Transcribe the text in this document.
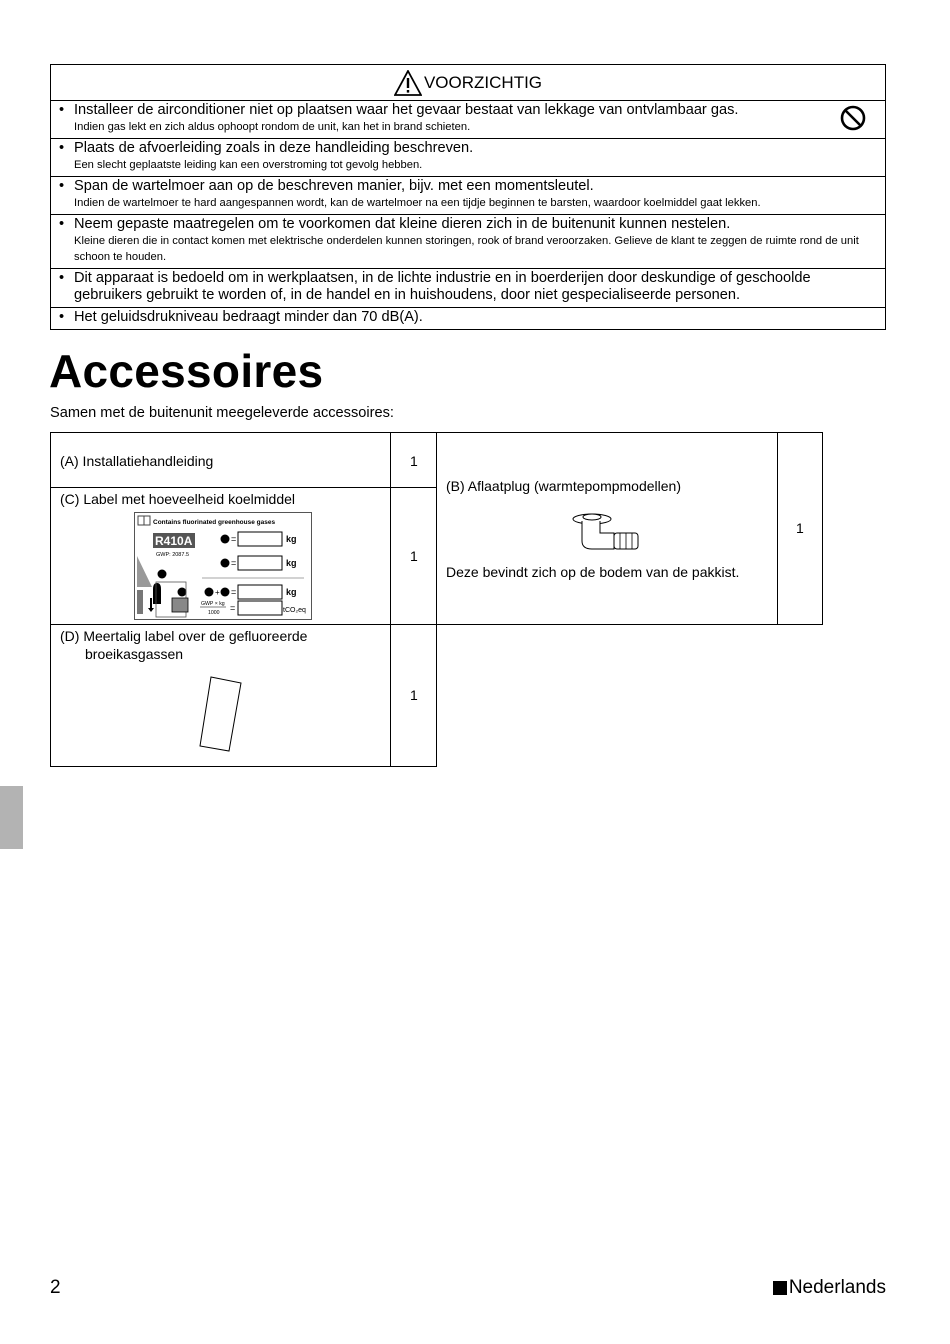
VOORZICHTIG
• Installeer de airconditioner niet op plaatsen waar het gevaar bestaat van lekkage van ontvlambaar gas.
Indien gas lekt en zich aldus ophoopt rondom de unit, kan het in brand schieten.
• Plaats de afvoerleiding zoals in deze handleiding beschreven.
Een slecht geplaatste leiding kan een overstroming tot gevolg hebben.
• Span de wartelmoer aan op de beschreven manier, bijv. met een momentsleutel.
Indien de wartelmoer te hard aangespannen wordt, kan de wartelmoer na een tijdje beginnen te barsten, waardoor koelmiddel gaat lekken.
• Neem gepaste maatregelen om te voorkomen dat kleine dieren zich in de buitenunit kunnen nestelen.
Kleine dieren die in contact komen met elektrische onderdelen kunnen storingen, rook of brand veroorzaken. Gelieve de klant te zeggen de ruimte rond de unit schoon te houden.
• Dit apparaat is bedoeld om in werkplaatsen, in de lichte industrie en in boerderijen door deskundige of geschoolde gebruikers gebruikt te worden of, in de handel en in huishoudens, door niet gespecialiseerde personen.
• Het geluidsdrukniveau bedraagt minder dan 70 dB(A).
Accessoires
Samen met de buitenunit meegeleverde accessoires:
(A) Installatiehandleiding	1
(C) Label met hoeveelheid koelmiddel
Contains fluorinated greenhouse gases
R410A
GWP: 2087.5
=	kg
=	kg
+ =	kg
GWP × kg
1000 =	tCO₂eq
1
(D) Meertalig label over de gefluoreerde
broeikasgassen
1
(B) Aflaatplug (warmtepompmodellen)
Deze bevindt zich op de bodem van de pakkist.
1
2	Nederlands
